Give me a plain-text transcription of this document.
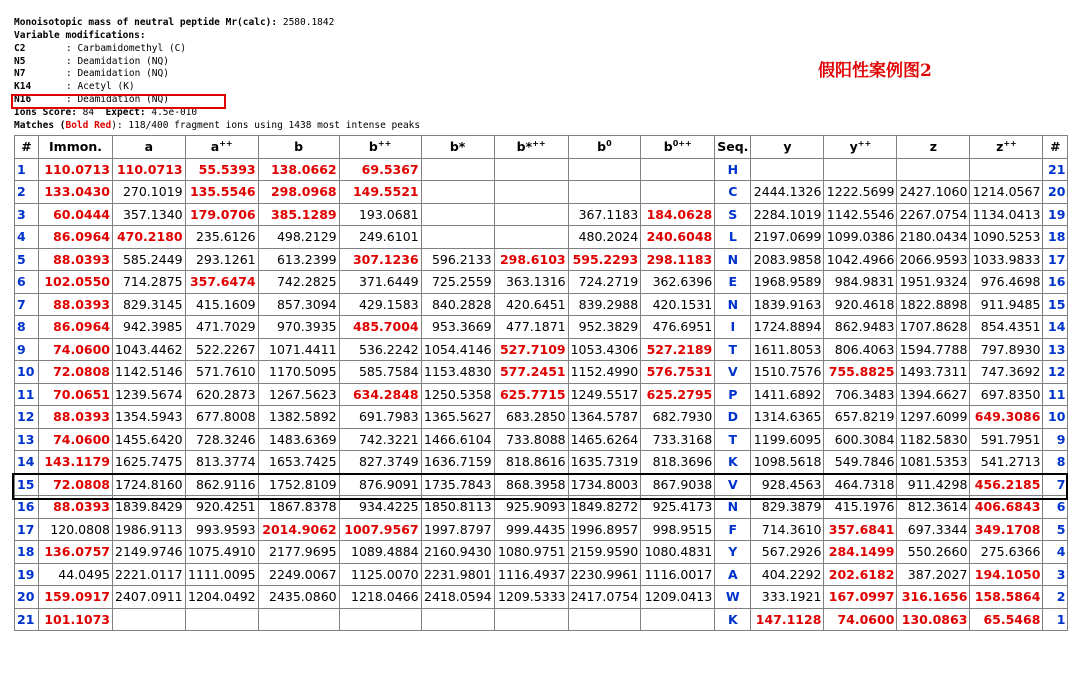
Monoisotopic mass of neutral peptide Mr(calc): 2580.1842
Variable modifications:
C2	: Carbamidomethyl (C)
N5	: Deamidation (NQ)
N7	: Deamidation (NQ)
K14	: Acetyl (K)
N16	: Deamidation (NQ)
Ions Score: 84 Expect: 4.5e-010
Matches (Bold Red): 118/400 fragment ions using 1438 most intense peaks

假阳性案例图2
#	Immon.	a	a++	b	b++	b*	b*++	$b^0$	$b^{0++}$	Seq.	y	y++	z	z++	#
1	110.0713	110.0713	55.5393	138.0662	69.5367					H					21
2	133.0430	270.1019	135.5546	298.0968	149.5521					C	2444.1326	1222.5699	2427.1060	1214.0567	20
3	60.0444	357.1340	179.0706	385.1289	193.0681			367.1183	184.0628	S	2284.1019	1142.5546	2267.0754	1134.0413	19
4	86.0964	470.2180	235.6126	498.2129	249.6101			480.2024	240.6048	L	2197.0699	1099.0386	2180.0434	1090.5253	18
5	88.0393	585.2449	293.1261	613.2399	307.1236	596.2133	298.6103	595.2293	298.1183	N	2083.9858	1042.4966	2066.9593	1033.9833	17
6	102.0550	714.2875	357.6474	742.2825	371.6449	725.2559	363.1316	724.2719	362.6396	E	1968.9589	984.9831	1951.9324	976.4698	16
7	88.0393	829.3145	415.1609	857.3094	429.1583	840.2828	420.6451	839.2988	420.1531	N	1839.9163	920.4618	1822.8898	911.9485	15
8	86.0964	942.3985	471.7029	970.3935	485.7004	953.3669	477.1871	952.3829	476.6951	I	1724.8894	862.9483	1707.8628	854.4351	14
9	74.0600	1043.4462	522.2267	1071.4411	536.2242	1054.4146	527.7109	1053.4306	527.2189	T	1611.8053	806.4063	1594.7788	797.8930	13
10	72.0808	1142.5146	571.7610	1170.5095	585.7584	1153.4830	577.2451	1152.4990	576.7531	V	1510.7576	755.8825	1493.7311	747.3692	12
11	70.0651	1239.5674	620.2873	1267.5623	634.2848	1250.5358	625.7715	1249.5517	625.2795	P	1411.6892	706.3483	1394.6627	697.8350	11
12	88.0393	1354.5943	677.8008	1382.5892	691.7983	1365.5627	683.2850	1364.5787	682.7930	D	1314.6365	657.8219	1297.6099	649.3086	10
13	74.0600	1455.6420	728.3246	1483.6369	742.3221	1466.6104	733.8088	1465.6264	733.3168	T	1199.6095	600.3084	1182.5830	591.7951	9
14	143.1179	1625.7475	813.3774	1653.7425	827.3749	1636.7159	818.8616	1635.7319	818.3696	K	1098.5618	549.7846	1081.5353	541.2713	8
15	72.0808	1724.8160	862.9116	1752.8109	876.9091	1735.7843	868.3958	1734.8003	867.9038	V	928.4563	464.7318	911.4298	456.2185	7
16	88.0393	1839.8429	920.4251	1867.8378	934.4225	1850.8113	925.9093	1849.8272	925.4173	N	829.3879	415.1976	812.3614	406.6843	6
17	120.0808	1986.9113	993.9593	2014.9062	1007.9567	1997.8797	999.4435	1996.8957	998.9515	F	714.3610	357.6841	697.3344	349.1708	5
18	136.0757	2149.9746	1075.4910	2177.9695	1089.4884	2160.9430	1080.9751	2159.9590	1080.4831	Y	567.2926	284.1499	550.2660	275.6366	4
19	44.0495	2221.0117	1111.0095	2249.0067	1125.0070	2231.9801	1116.4937	2230.9961	1116.0017	A	404.2292	202.6182	387.2027	194.1050	3
20	159.0917	2407.0911	1204.0492	2435.0860	1218.0466	2418.0594	1209.5333	2417.0754	1209.0413	W	333.1921	167.0997	316.1656	158.5864	2
21	101.1073									K	147.1128	74.0600	130.0863	65.5468	1
